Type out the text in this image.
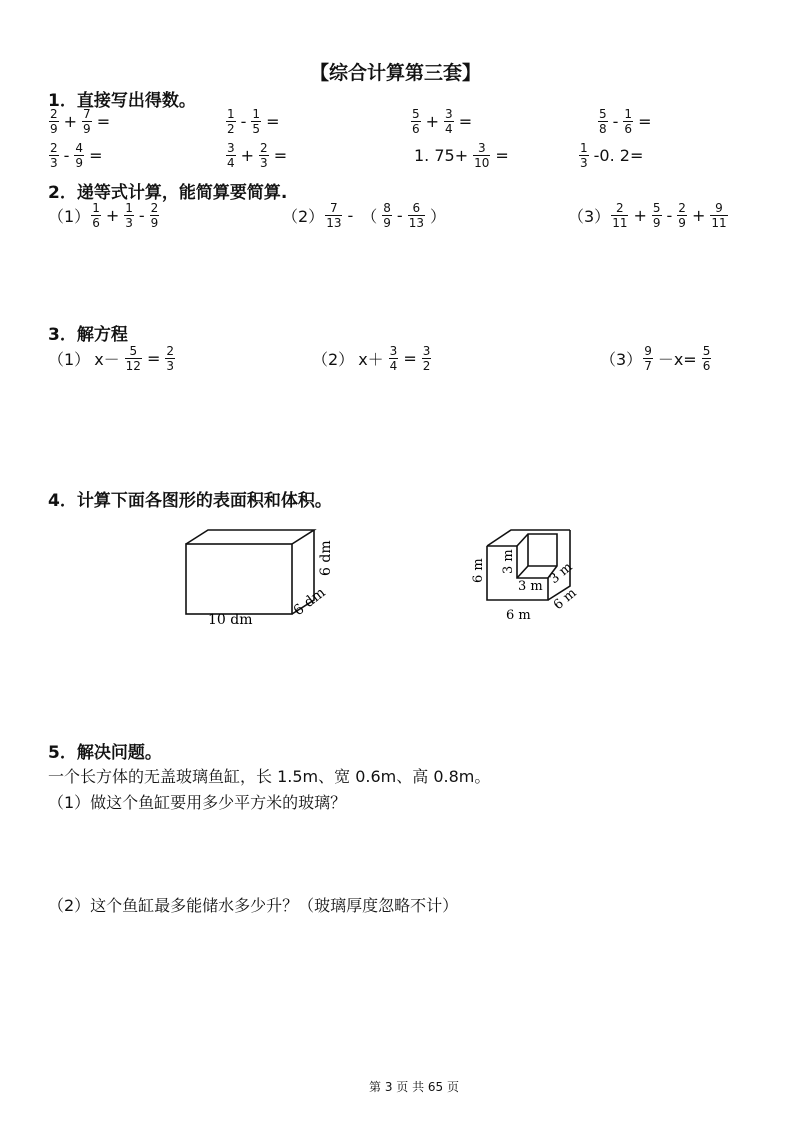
【综合计算第三套】
1．直接写出得数。
$\frac{2}{9} + \frac{7}{9}$ =	$\frac{1}{2} - \frac{1}{5}$ =	$\frac{5}{6} + \frac{3}{4}$ =	$\frac{5}{8} - \frac{1}{6}$ =
$\frac{2}{3} - \frac{4}{9}$ =	$\frac{3}{4} + \frac{2}{3}$ =	1. $75+ \frac{3}{10}$ =	$\frac{1}{3} -0$. 2=
2．递等式计算，能简算要简算.
$(1) \frac{1}{6} + \frac{1}{3} - \frac{2}{9}$	$(2) \frac{7}{13}$ - （ $\frac{8}{9} - \frac{6}{13}$ ）	$(3) \frac{2}{11} + \frac{5}{9} - \frac{2}{9} + \frac{9}{11}$
3．解方程
（1） $x- \frac{5}{12} = \frac{2}{3}$	（2） $x+ \frac{3}{4} = \frac{3}{2}$	$(3) \frac{9}{7} -x= \frac{5}{6}$
4．计算下面各图形的表面积和体积。
10 dm
6 dm
6 dm
6 m 3 m
3 m 3 m
6 m
6 m
5．解决问题。
一个长方体的无盖玻璃鱼缸，长 1.5m、宽 0.6m、高 0.8m。
（1）做这个鱼缸要用多少平方米的玻璃？
（2）这个鱼缸最多能储水多少升？（玻璃厚度忽略不计）
第 3 页 共 65 页
